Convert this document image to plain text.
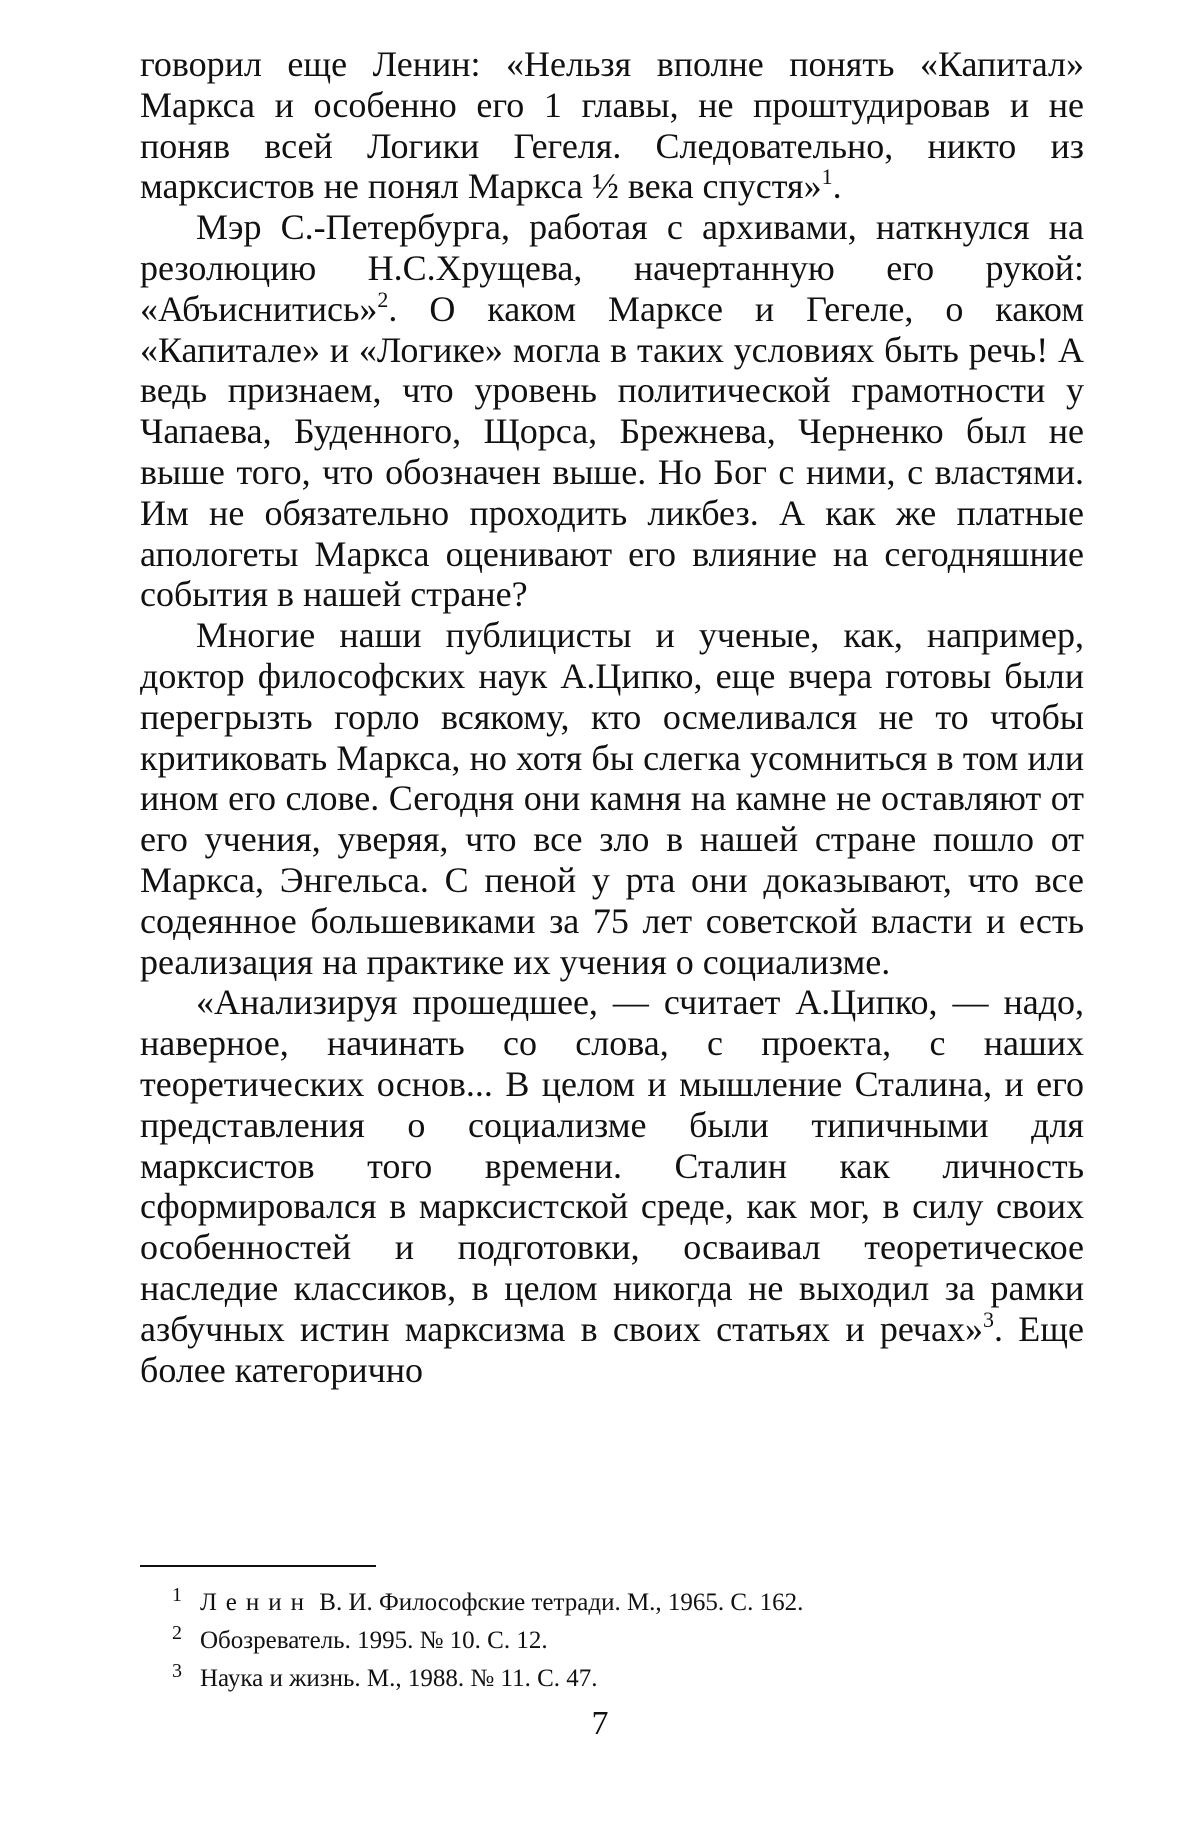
говорил еще Ленин: «Нельзя вполне понять «Капитал» Маркса и особенно его 1 главы, не проштудировав и не поняв всей Логики Гегеля. Следовательно, никто из марксистов не понял Маркса ½ века спустя»$^1$.

Мэр С.-Петербурга, работая с архивами, наткнулся на резолюцию Н.С.Хрущева, начертанную его рукой: «Абъиснитись»$^2$. О каком Марксе и Гегеле, о каком «Капитале» и «Логике» могла в таких условиях быть речь! А ведь признаем, что уровень политической грамотности у Чапаева, Буденного, Щорса, Брежнева, Черненко был не выше того, что обозначен выше. Но Бог с ними, с властями. Им не обязательно проходить ликбез. А как же платные апологеты Маркса оценивают его влияние на сегодняшние события в нашей стране?

Многие наши публицисты и ученые, как, например, доктор философских наук А.Ципко, еще вчера готовы были перегрызть горло всякому, кто осмеливался не то чтобы критиковать Маркса, но хотя бы слегка усомниться в том или ином его слове. Сегодня они камня на камне не оставляют от его учения, уверяя, что все зло в нашей стране пошло от Маркса, Энгельса. С пеной у рта они доказывают, что все содеянное большевиками за 75 лет советской власти и есть реализация на практике их учения о социализме.

«Анализируя прошедшее, — считает А.Ципко, — надо, наверное, начинать со слова, с проекта, с наших теоретических основ... В целом и мышление Сталина, и его представления о социализме были типичными для марксистов того времени. Сталин как личность сформировался в марксистской среде, как мог, в силу своих особенностей и подготовки, осваивал теоретическое наследие классиков, в целом никогда не выходил за рамки азбучных истин марксизма в своих статьях и речах»$^3$. Еще более категорично

1 Ленин В. И. Философские тетради. М., 1965. С. 162.
2 Обозреватель. 1995. № 10. С. 12.
3 Наука и жизнь. М., 1988. № 11. С. 47.
7
